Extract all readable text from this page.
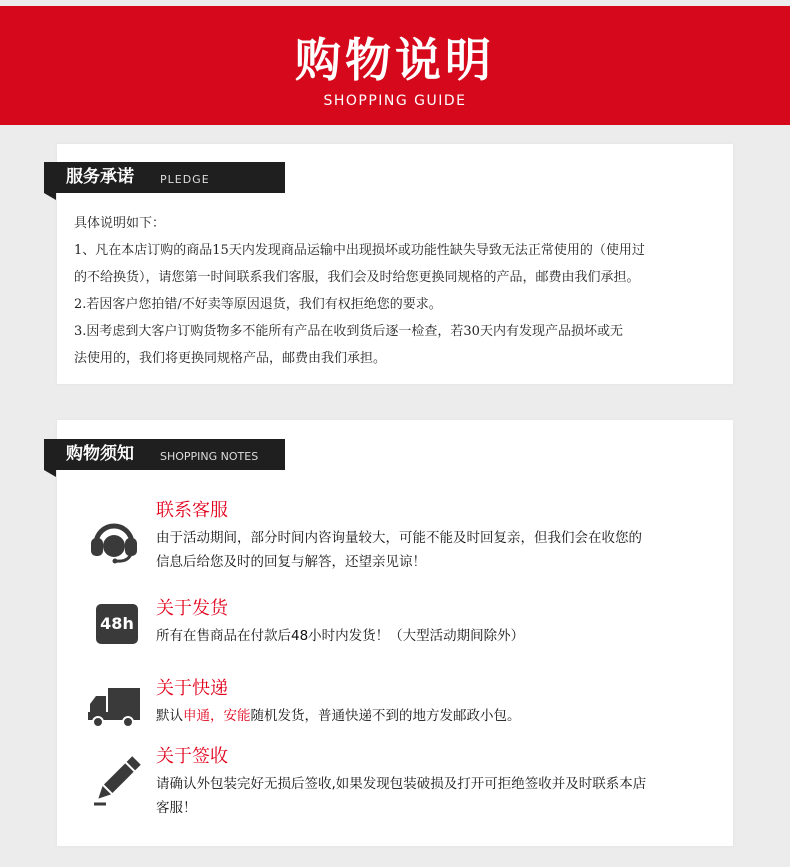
购物说明
SHOPPING GUIDE
服务承诺 PLEDGE

具体说明如下：

1、凡在本店订购的商品15天内发现商品运输中出现损坏或功能性缺失导致无法正常使用的（使用过

的不给换货），请您第一时间联系我们客服，我们会及时给您更换同规格的产品，邮费由我们承担。

2.若因客户您拍错/不好卖等原因退货，我们有权拒绝您的要求。

3.因考虑到大客户订购货物多不能所有产品在收到货后逐一检查，若30天内有发现产品损坏或无

法使用的，我们将更换同规格产品，邮费由我们承担。

购物须知 SHOPPING NOTES
联系客服
由于活动期间，部分时间内咨询量较大，可能不能及时回复亲，但我们会在收您的
信息后给您及时的回复与解答，还望亲见谅！
48h
关于发货
所有在售商品在付款后48小时内发货！（大型活动期间除外）
关于快递
默认申通，安能随机发货，普通快递不到的地方发邮政小包。
关于签收
请确认外包装完好无损后签收,如果发现包装破损及打开可拒绝签收并及时联系本店
客服！
